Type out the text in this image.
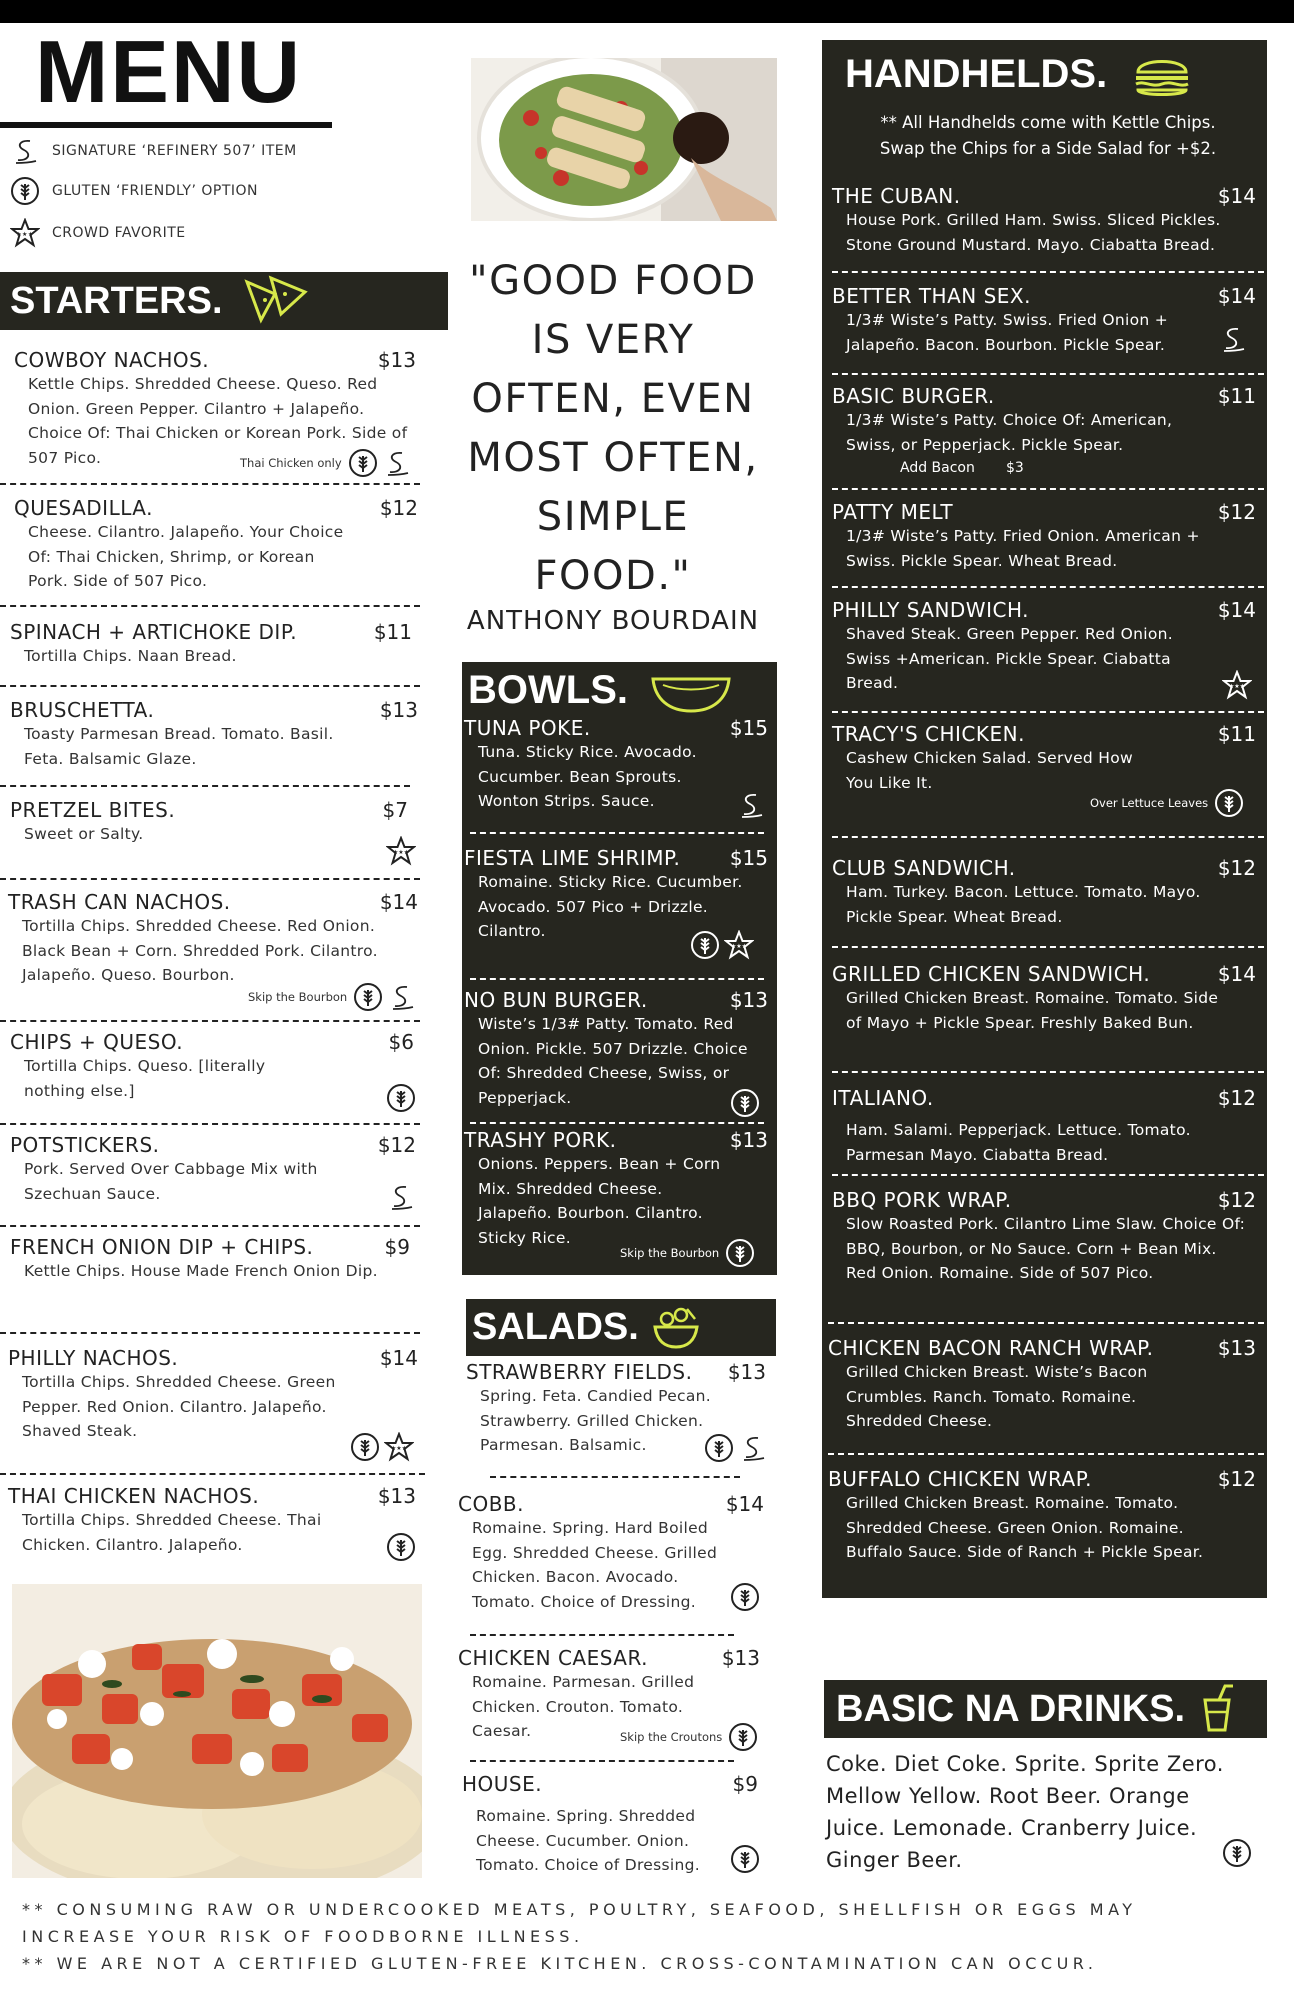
MENU
SIGNATURE ‘REFINERY 507’ ITEM
GLUTEN ‘FRIENDLY’ OPTION
★★★ CROWD FAVORITE
STARTERS.
COWBOY NACHOS.	$13
Kettle Chips. Shredded Cheese. Queso. Red Onion. Green Pepper. Cilantro + Jalapeño. Choice Of: Thai Chicken or Korean Pork. Side of 507 Pico.	Thai Chicken only
QUESADILLA.	$12
Cheese. Cilantro. Jalapeño. Your Choice Of: Thai Chicken, Shrimp, or Korean Pork. Side of 507 Pico.
SPINACH + ARTICHOKE DIP.	$11
Tortilla Chips. Naan Bread.
BRUSCHETTA.	$13
Toasty Parmesan Bread. Tomato. Basil. Feta. Balsamic Glaze.
PRETZEL BITES.	$7
Sweet or Salty.
★★★
TRASH CAN NACHOS.	$14
Tortilla Chips. Shredded Cheese. Red Onion. Black Bean + Corn. Shredded Pork. Cilantro. Jalapeño. Queso. Bourbon.
Skip the Bourbon
CHIPS + QUESO.	$6
Tortilla Chips. Queso. [literally nothing else.]
POTSTICKERS.	$12
Pork. Served Over Cabbage Mix with Szechuan Sauce.
FRENCH ONION DIP + CHIPS.	$9
Kettle Chips. House Made French Onion Dip.
PHILLY NACHOS.	$14
Tortilla Chips. Shredded Cheese. Green Pepper. Red Onion. Cilantro. Jalapeño. Shaved Steak.
★★★
THAI CHICKEN NACHOS.	$13
Tortilla Chips. Shredded Cheese. Thai Chicken. Cilantro. Jalapeño.
"GOOD FOOD
IS VERY
OFTEN, EVEN
MOST OFTEN,
SIMPLE
FOOD."
ANTHONY BOURDAIN
BOWLS.
TUNA POKE.	$15
Tuna. Sticky Rice. Avocado. Cucumber. Bean Sprouts. Wonton Strips. Sauce.
FIESTA LIME SHRIMP. $15
Romaine. Sticky Rice. Cucumber. Avocado. 507 Pico + Drizzle. Cilantro.
★★★
NO BUN BURGER.	$13
Wiste’s 1/3# Patty. Tomato. Red Onion. Pickle. 507 Drizzle. Choice Of: Shredded Cheese, Swiss, or Pepperjack.
TRASHY PORK.	$13
Onions. Peppers. Bean + Corn Mix. Shredded Cheese. Jalapeño. Bourbon. Cilantro. Sticky Rice.
Skip the Bourbon
SALADS.
STRAWBERRY FIELDS. $13
Spring. Feta. Candied Pecan. Strawberry. Grilled Chicken. Parmesan. Balsamic.
COBB.	$14
Romaine. Spring. Hard Boiled Egg. Shredded Cheese. Grilled Chicken. Bacon. Avocado. Tomato. Choice of Dressing.
CHICKEN CAESAR.	$13
Romaine. Parmesan. Grilled Chicken. Crouton. Tomato. Caesar.	Skip the Croutons
HOUSE.	$9
Romaine. Spring. Shredded Cheese. Cucumber. Onion. Tomato. Choice of Dressing.
HANDHELDS.
** All Handhelds come with Kettle Chips.
Swap the Chips for a Side Salad for +$2.
THE CUBAN.	$14
House Pork. Grilled Ham. Swiss. Sliced Pickles. Stone Ground Mustard. Mayo. Ciabatta Bread.
BETTER THAN SEX.	$14
1/3# Wiste’s Patty. Swiss. Fried Onion + Jalapeño. Bacon. Bourbon. Pickle Spear.
BASIC BURGER.	$11
1/3# Wiste’s Patty. Choice Of: American, Swiss, or Pepperjack. Pickle Spear.
Add Bacon       $3
PATTY MELT	$12
1/3# Wiste’s Patty. Fried Onion. American + Swiss. Pickle Spear. Wheat Bread.
PHILLY SANDWICH.	$14
Shaved Steak. Green Pepper. Red Onion. Swiss +American. Pickle Spear. Ciabatta Bread.	★★★
TRACY'S CHICKEN.	$11
Cashew Chicken Salad. Served How You Like It.
Over Lettuce Leaves
CLUB SANDWICH.	$12
Ham. Turkey. Bacon. Lettuce. Tomato. Mayo. Pickle Spear. Wheat Bread.
GRILLED CHICKEN SANDWICH.	$14
Grilled Chicken Breast. Romaine. Tomato. Side of Mayo + Pickle Spear. Freshly Baked Bun.
ITALIANO.	$12
Ham. Salami. Pepperjack. Lettuce. Tomato. Parmesan Mayo. Ciabatta Bread.
BBQ PORK WRAP.	$12
Slow Roasted Pork. Cilantro Lime Slaw. Choice Of: BBQ, Bourbon, or No Sauce. Corn + Bean Mix. Red Onion. Romaine. Side of 507 Pico.
CHICKEN BACON RANCH WRAP.	$13
Grilled Chicken Breast. Wiste’s Bacon Crumbles. Ranch. Tomato. Romaine. Shredded Cheese.
BUFFALO CHICKEN WRAP.	$12
Grilled Chicken Breast. Romaine. Tomato. Shredded Cheese. Green Onion. Romaine. Buffalo Sauce. Side of Ranch + Pickle Spear.
BASIC NA DRINKS.
Coke. Diet Coke. Sprite. Sprite Zero. Mellow Yellow. Root Beer. Orange Juice. Lemonade. Cranberry Juice. Ginger Beer.
** CONSUMING RAW OR UNDERCOOKED MEATS, POULTRY, SEAFOOD, SHELLFISH OR EGGS MAY INCREASE YOUR RISK OF FOODBORNE ILLNESS.
** WE ARE NOT A CERTIFIED GLUTEN-FREE KITCHEN. CROSS-CONTAMINATION CAN OCCUR.
